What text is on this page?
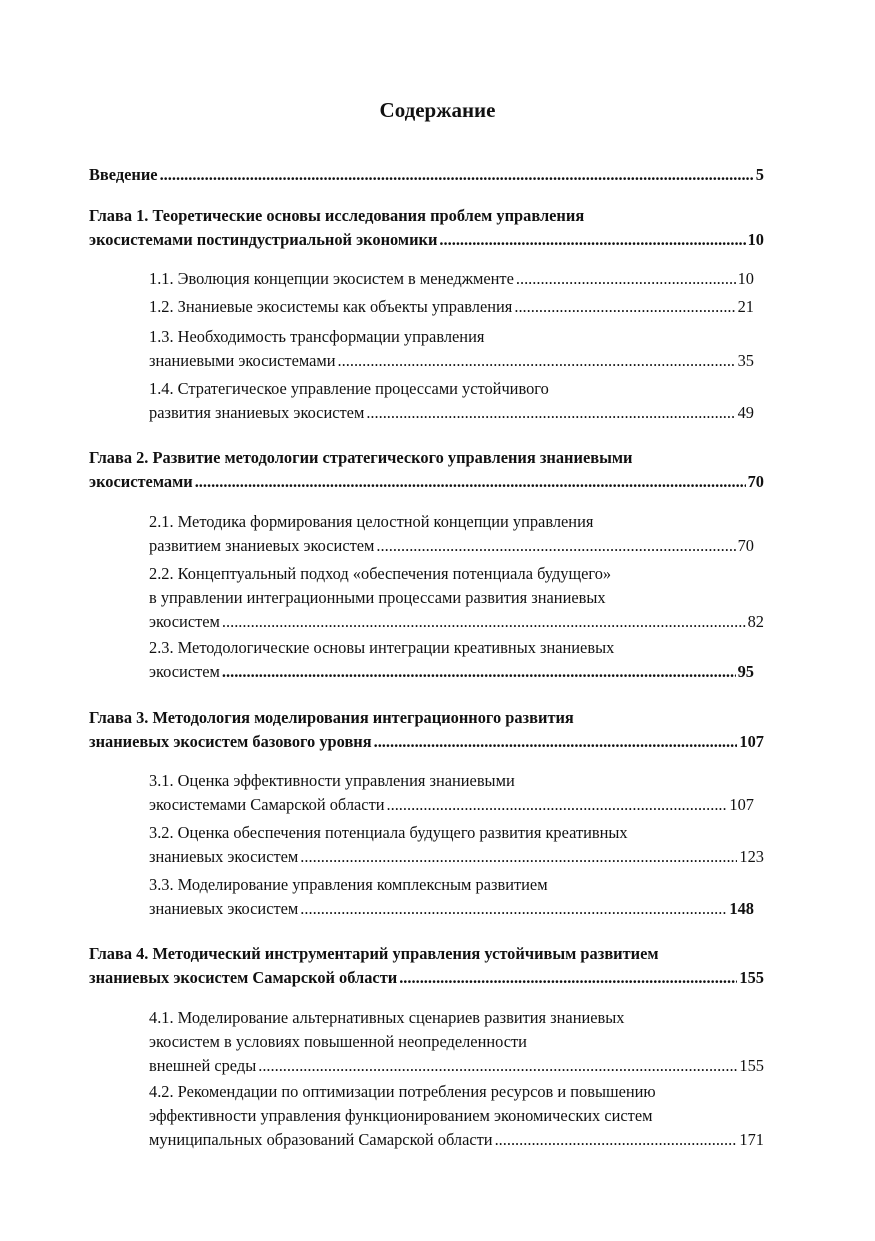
Содержание
Введение .....	5
Глава 1. Теоретические основы исследования проблем управления
экосистемами постиндустриальной экономики .....	10
1.1. Эволюция концепции экосистем в менеджменте .....	10
1.2. Знаниевые экосистемы как объекты управления .....	21
1.3. Необходимость трансформации управления
знаниевыми экосистемами .....	35
1.4. Стратегическое управление процессами устойчивого
развития знаниевых экосистем .....	49
Глава 2. Развитие методологии стратегического управления знаниевыми
экосистемами .....	70
2.1. Методика формирования целостной концепции управления
развитием знаниевых экосистем .....	70
2.2. Концептуальный подход «обеспечения потенциала будущего»
в управлении интеграционными процессами развития знаниевых
экосистем .....	82
2.3. Методологические основы интеграции креативных знаниевых
экосистем .....	95
Глава 3. Методология моделирования интеграционного развития
знаниевых экосистем базового уровня .....	107
3.1. Оценка эффективности управления знаниевыми
экосистемами Самарской области .....	107
3.2. Оценка обеспечения потенциала будущего развития креативных
знаниевых экосистем .....	123
3.3. Моделирование управления комплексным развитием
знаниевых экосистем .....	148
Глава 4. Методический инструментарий управления устойчивым развитием
знаниевых экосистем Самарской области .....	155
4.1. Моделирование альтернативных сценариев развития знаниевых
экосистем в условиях повышенной неопределенности
внешней среды .....	155
4.2. Рекомендации по оптимизации потребления ресурсов и повышению
эффективности управления функционированием экономических систем
муниципальных образований Самарской области .....	171
